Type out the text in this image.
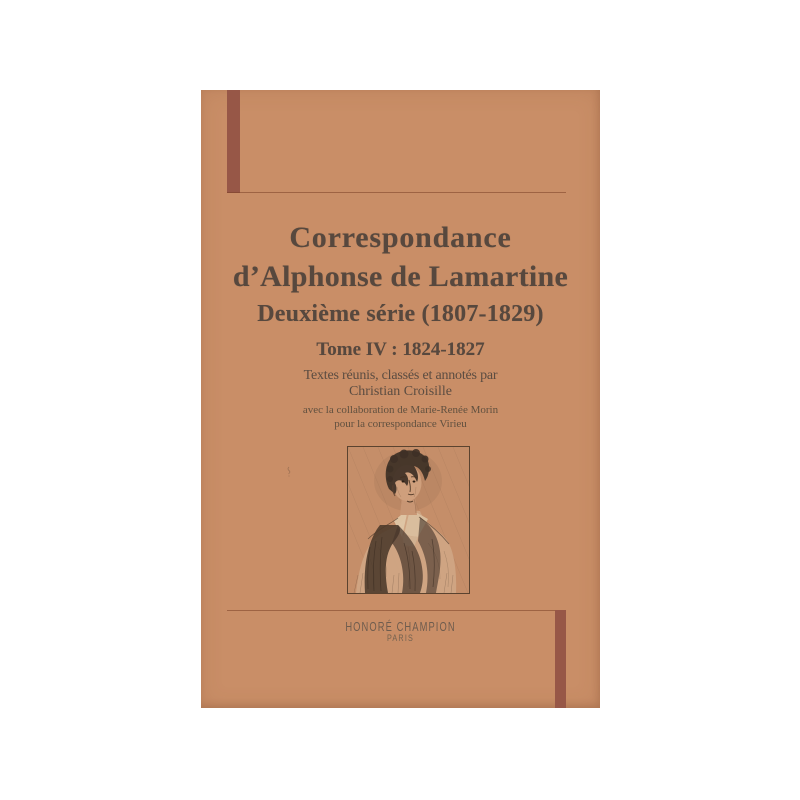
Correspondance
d’Alphonse de Lamartine
Deuxième série (1807-1829)
Tome IV : 1824-1827
Textes réunis, classés et annotés par
Christian Croisille
avec la collaboration de Marie-Renée Morin
pour la correspondance Virieu
HONORÉ CHAMPION
PARIS
